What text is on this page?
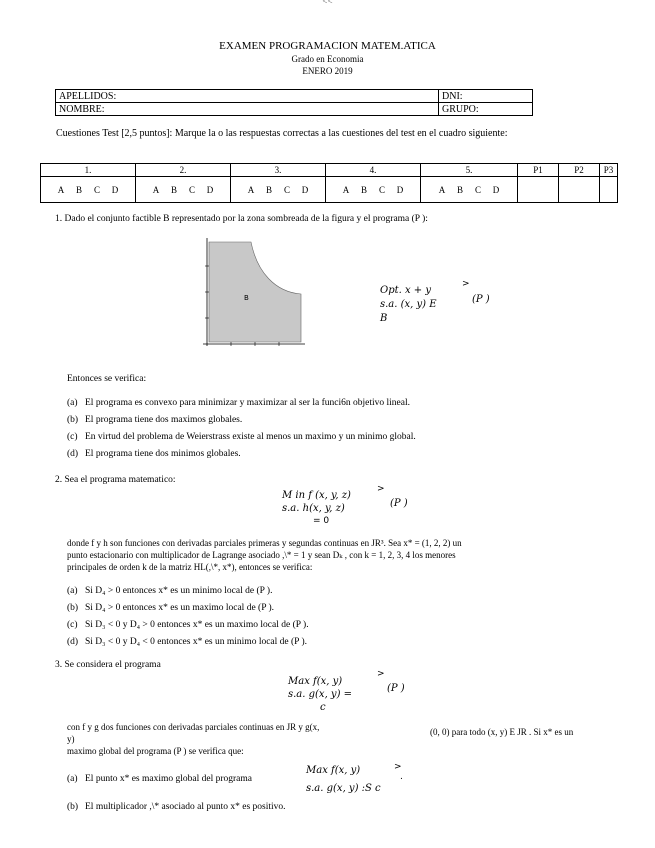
<<
EXAMEN PROGRAMACION MATEM.ATICA
Grado en Economia
ENERO 2019
APELLIDOS:	DNI:
NOMBRE:	GRUPO:
Cuestiones Test [2,5 puntos]: Marque la o las respuestas correctas a las cuestiones del test en el cuadro siguiente:
1.	2.	3.	4.	5.	P1	P2	P3
A B C D	A B C D	A B C D	A B C D	A B C D			
1. Dado el conjunto factible B representado por la zona sombreada de la figura y el programa (P ):
B
Opt. x + y
s.a. (x, y) E
B
>
(P )
Entonces se verifica:
(a) El programa es convexo para minimizar y maximizar al ser la funci6n objetivo lineal.
(b) El programa tiene dos maximos globales.
(c) En virtud del problema de Weierstrass existe al menos un maximo y un minimo global.
(d) El programa tiene dos minimos globales.
2. Sea el programa matematico:
M in f (x, y, z)
s.a. h(x, y, z)
= 0
>
(P )
donde f y h son funciones con derivadas parciales primeras y segundas continuas en JR³. Sea x* = (1, 2, 2) un
punto estacionario con multiplicador de Lagrange asociado ,\* = 1 y sean Dₖ , con k = 1, 2, 3, 4 los menores
principales de orden k de la matriz HL(,\*, x*), entonces se verifica:
(a) Si D₄ > 0 entonces x* es un minimo local de (P ).
(b) Si D₄ > 0 entonces x* es un maximo local de (P ).
(c) Si D₃ < 0 y D₄ > 0 entonces x* es un maximo local de (P ).
(d) Si D₃ < 0 y D₄ < 0 entonces x* es un minimo local de (P ).
3. Se considera el programa
Max f(x, y)
s.a. g(x, y) =
c
>
(P )
con f y g dos funciones con derivadas parciales continuas en JR y g(x,
y)
(0, 0) para todo (x, y) E JR . Si x* es un
maximo global del programa (P ) se verifica que:
(a) El punto x* es maximo global del programa
Max f(x, y)
s.a. g(x, y) :S c
>
.
(b) El multiplicador ,\* asociado al punto x* es positivo.
